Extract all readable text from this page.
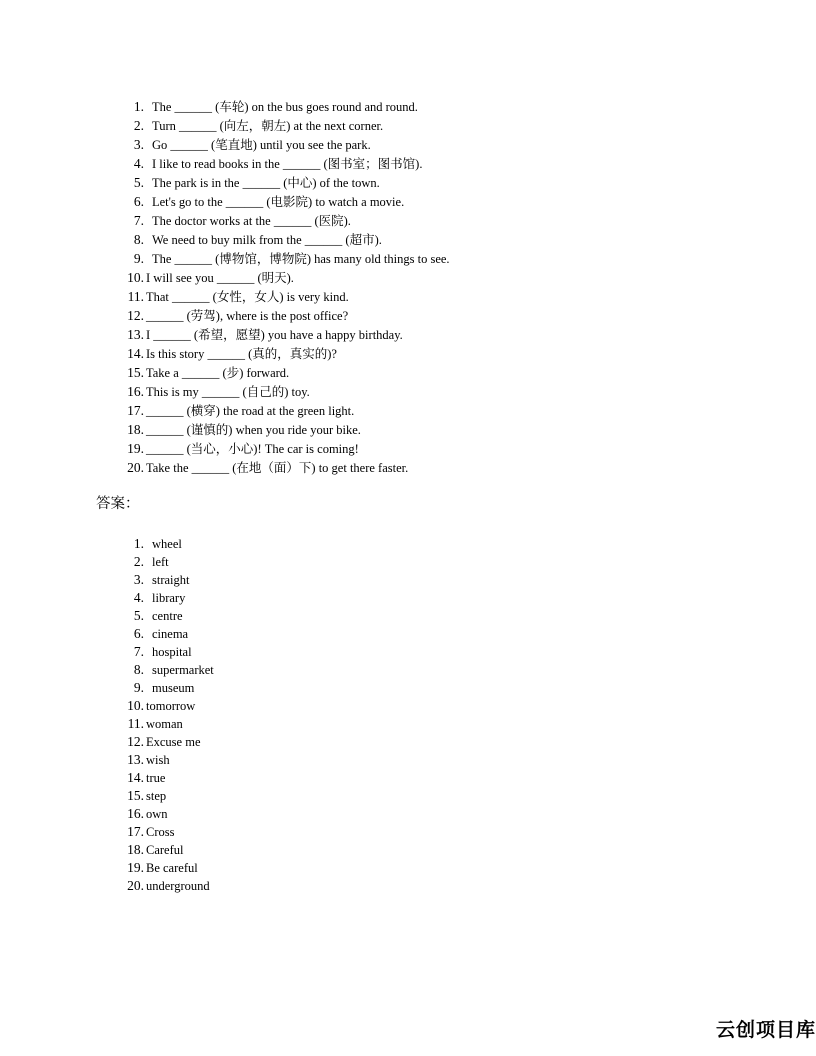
1. The ______ (车轮) on the bus goes round and round.
2. Turn ______ (向左，朝左) at the next corner.
3. Go ______ (笔直地) until you see the park.
4. I like to read books in the ______ (图书室；图书馆).
5. The park is in the ______ (中心) of the town.
6. Let's go to the ______ (电影院) to watch a movie.
7. The doctor works at the ______ (医院).
8. We need to buy milk from the ______ (超市).
9. The ______ (博物馆，博物院) has many old things to see.
10. I will see you ______ (明天).
11. That ______ (女性，女人) is very kind.
12. ______ (劳驾), where is the post office?
13. I ______ (希望，愿望) you have a happy birthday.
14. Is this story ______ (真的，真实的)?
15. Take a ______ (步) forward.
16. This is my ______ (自己的) toy.
17. ______ (横穿) the road at the green light.
18. ______ (谨慎的) when you ride your bike.
19. ______ (当心，小心)! The car is coming!
20. Take the ______ (在地（面）下) to get there faster.
答案：
1. wheel
2. left
3. straight
4. library
5. centre
6. cinema
7. hospital
8. supermarket
9. museum
10. tomorrow
11. woman
12. Excuse me
13. wish
14. true
15. step
16. own
17. Cross
18. Careful
19. Be careful
20. underground
云创项目库
